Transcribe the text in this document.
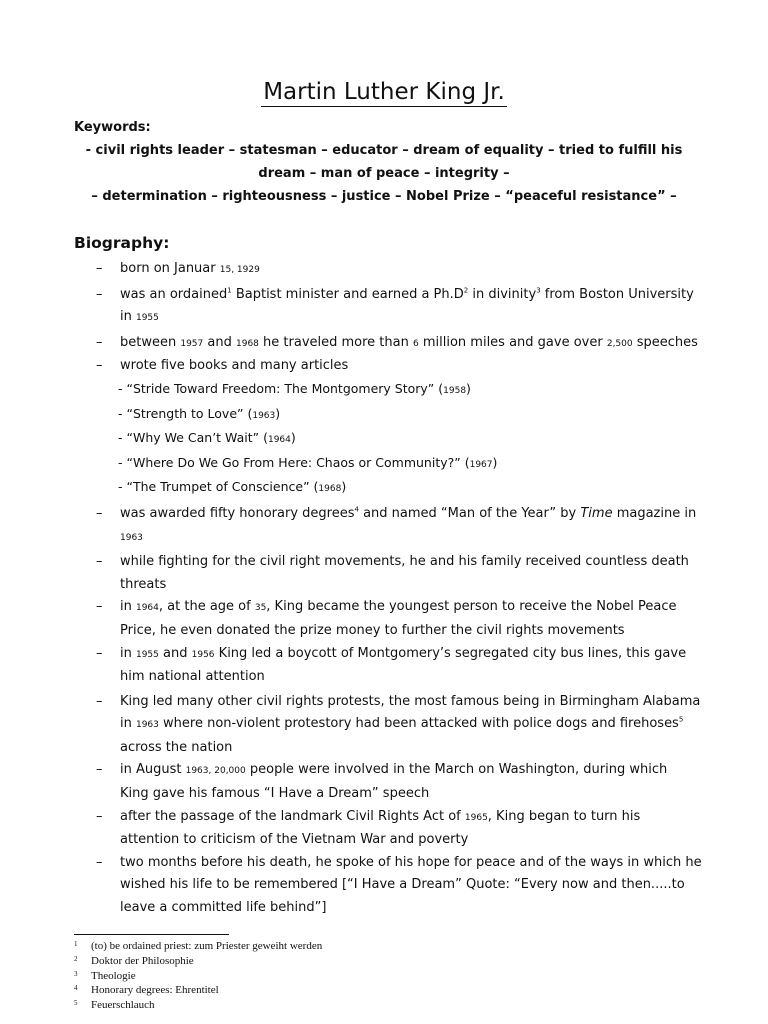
Martin Luther King Jr.
Keywords:
- civil rights leader – statesman – educator – dream of equality – tried to fulfill his
dream – man of peace – integrity –
– determination – righteousness – justice – Nobel Prize – “peaceful resistance” –
Biography:
–	born on Januar 15, 1929
–	was an ordained$^1$ Baptist minister and earned a $Ph.D^2$ in divinity$^3$ from Boston University
in 1955
–	between 1957 and 1968 he traveled more than 6 million miles and gave over 2,500 speeches
–	wrote five books and many articles
- “Stride Toward Freedom: The Montgomery Story” (1958)
- “Strength to Love” (1963)
- “Why We Can’t Wait” (1964)
- “Where Do We Go From Here: Chaos or Community?” (1967)
- “The Trumpet of Conscience” (1968)
–	was awarded fifty honorary degrees$^4$ and named “Man of the Year” by Time magazine in
1963
–	while fighting for the civil right movements, he and his family received countless death
threats
–	in 1964, at the age of 35, King became the youngest person to receive the Nobel Peace
Price, he even donated the prize money to further the civil rights movements
–	in 1955 and 1956 King led a boycott of Montgomery’s segregated city bus lines, this gave
him national attention
–	King led many other civil rights protests, the most famous being in Birmingham Alabama
in 1963 where non-violent protestory had been attacked with police dogs and firehoses$^5$
across the nation
–	in August 1963, 20,000 people were involved in the March on Washington, during which
King gave his famous “I Have a Dream” speech
–	after the passage of the landmark Civil Rights Act of 1965, King began to turn his
attention to criticism of the Vietnam War and poverty
–	two months before his death, he spoke of his hope for peace and of the ways in which he
wished his life to be remembered [“I Have a Dream” Quote: “Every now and then.....to
leave a committed life behind”]
1 (to) be ordained priest: zum Priester geweiht werden
2 Doktor der Philosophie
3 Theologie
4 Honorary degrees: Ehrentitel
5 Feuerschlauch
